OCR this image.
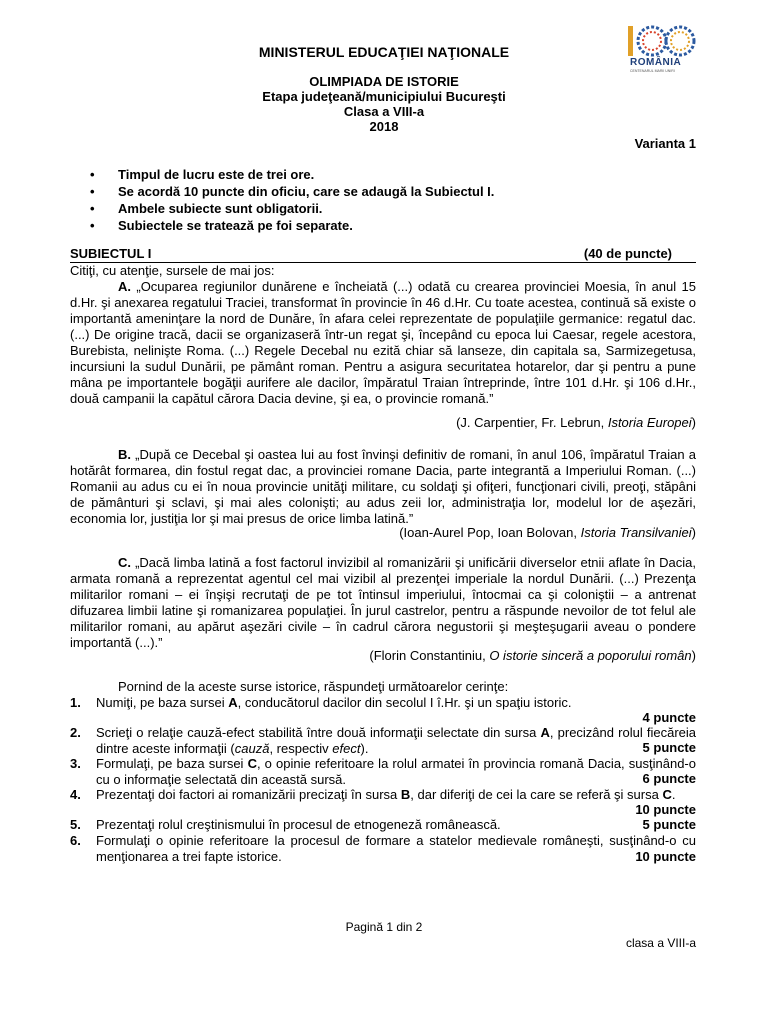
ROMÂNIA
CENTENARUL MARII UNIRI
MINISTERUL EDUCAŢIEI NAŢIONALE
OLIMPIADA DE ISTORIE
Etapa judeţeană/municipiului Bucureşti
Clasa a VIII-a
2018
Varianta 1
• Timpul de lucru este de trei ore.
• Se acordă 10 puncte din oficiu, care se adaugă la Subiectul I.
• Ambele subiecte sunt obligatorii.
• Subiectele se tratează pe foi separate.
SUBIECTUL I	(40 de puncte)
Citiţi, cu atenţie, sursele de mai jos:
A. „Ocuparea regiunilor dunărene e încheiată (...) odată cu crearea provinciei Moesia, în anul 15 d.Hr. şi anexarea regatului Traciei, transformat în provincie în 46 d.Hr. Cu toate acestea, continuă să existe o importantă ameninţare la nord de Dunăre, în afara celei reprezentate de populaţiile germanice: regatul dac. (...) De origine tracă, dacii se organizaseră într-un regat şi, începând cu epoca lui Caesar, regele acestora, Burebista, nelinişte Roma. (...) Regele Decebal nu ezită chiar să lanseze, din capitala sa, Sarmizegetusa, incursiuni la sudul Dunării, pe pământ roman. Pentru a asigura securitatea hotarelor, dar şi pentru a pune mâna pe importantele bogăţii aurifere ale dacilor, împăratul Traian întreprinde, între 101 d.Hr. şi 106 d.Hr., două campanii la capătul cărora Dacia devine, şi ea, o provincie romană.”
(J. Carpentier, Fr. Lebrun, Istoria Europei)
B. „După ce Decebal şi oastea lui au fost învinşi definitiv de romani, în anul 106, împăratul Traian a hotărât formarea, din fostul regat dac, a provinciei romane Dacia, parte integrantă a Imperiului Roman. (...) Romanii au adus cu ei în noua provincie unităţi militare, cu soldaţi şi ofiţeri, funcţionari civili, preoţi, stăpâni de pământuri şi sclavi, şi mai ales colonişti; au adus zeii lor, administraţia lor, modelul lor de aşezări, economia lor, justiţia lor şi mai presus de orice limba latină.”
(Ioan-Aurel Pop, Ioan Bolovan, Istoria Transilvaniei)
C. „Dacă limba latină a fost factorul invizibil al romanizării şi unificării diverselor etnii aflate în Dacia, armata romană a reprezentat agentul cel mai vizibil al prezenţei imperiale la nordul Dunării. (...) Prezenţa militarilor romani – ei înşişi recrutaţi de pe tot întinsul imperiului, întocmai ca şi coloniştii – a antrenat difuzarea limbii latine şi romanizarea populaţiei. În jurul castrelor, pentru a răspunde nevoilor de tot felul ale militarilor romani, au apărut aşezări civile – în cadrul cărora negustorii şi meşteşugarii aveau o pondere importantă (...).”
(Florin Constantiniu, O istorie sinceră a poporului român)
Pornind de la aceste surse istorice, răspundeţi următoarelor cerinţe:
1. Numiţi, pe baza sursei A, conducătorul dacilor din secolul I î.Hr. şi un spaţiu istoric.
4 puncte
2. Scrieţi o relaţie cauză-efect stabilită între două informaţii selectate din sursa A, precizând rolul fiecăreia dintre aceste informaţii (cauză, respectiv efect).	5 puncte
3. Formulaţi, pe baza sursei C, o opinie referitoare la rolul armatei în provincia romană Dacia, susţinând-o cu o informaţie selectată din această sursă.	6 puncte
4. Prezentaţi doi factori ai romanizării precizaţi în sursa B, dar diferiţi de cei la care se referă şi sursa C.
10 puncte
5. Prezentaţi rolul creştinismului în procesul de etnogeneză românească.	5 puncte
6. Formulaţi o opinie referitoare la procesul de formare a statelor medievale româneşti, susţinând-o cu menţionarea a trei fapte istorice.	10 puncte
Pagină 1 din 2
clasa a VIII-a
